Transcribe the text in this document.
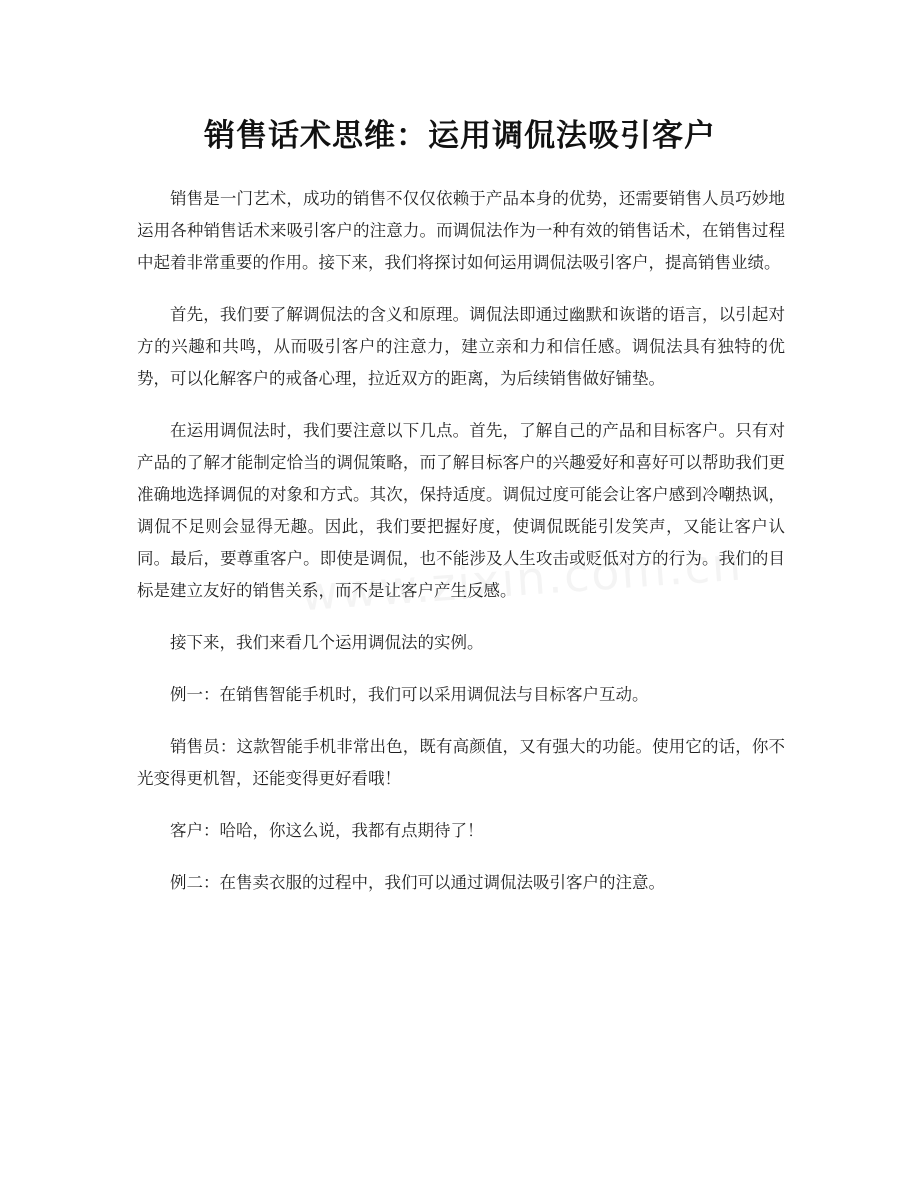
销售话术思维：运用调侃法吸引客户

销售是一门艺术，成功的销售不仅仅依赖于产品本身的优势，还需要销售人员巧妙地运用各种销售话术来吸引客户的注意力。而调侃法作为一种有效的销售话术，在销售过程中起着非常重要的作用。接下来，我们将探讨如何运用调侃法吸引客户，提高销售业绩。

首先，我们要了解调侃法的含义和原理。调侃法即通过幽默和诙谐的语言，以引起对方的兴趣和共鸣，从而吸引客户的注意力，建立亲和力和信任感。调侃法具有独特的优势，可以化解客户的戒备心理，拉近双方的距离，为后续销售做好铺垫。

在运用调侃法时，我们要注意以下几点。首先，了解自己的产品和目标客户。只有对产品的了解才能制定恰当的调侃策略，而了解目标客户的兴趣爱好和喜好可以帮助我们更准确地选择调侃的对象和方式。其次，保持适度。调侃过度可能会让客户感到冷嘲热讽，调侃不足则会显得无趣。因此，我们要把握好度，使调侃既能引发笑声，又能让客户认同。最后，要尊重客户。即使是调侃，也不能涉及人生攻击或贬低对方的行为。我们的目标是建立友好的销售关系，而不是让客户产生反感。

接下来，我们来看几个运用调侃法的实例。

例一：在销售智能手机时，我们可以采用调侃法与目标客户互动。

销售员：这款智能手机非常出色，既有高颜值，又有强大的功能。使用它的话，你不光变得更机智，还能变得更好看哦！

客户：哈哈，你这么说，我都有点期待了！

例二：在售卖衣服的过程中，我们可以通过调侃法吸引客户的注意。
